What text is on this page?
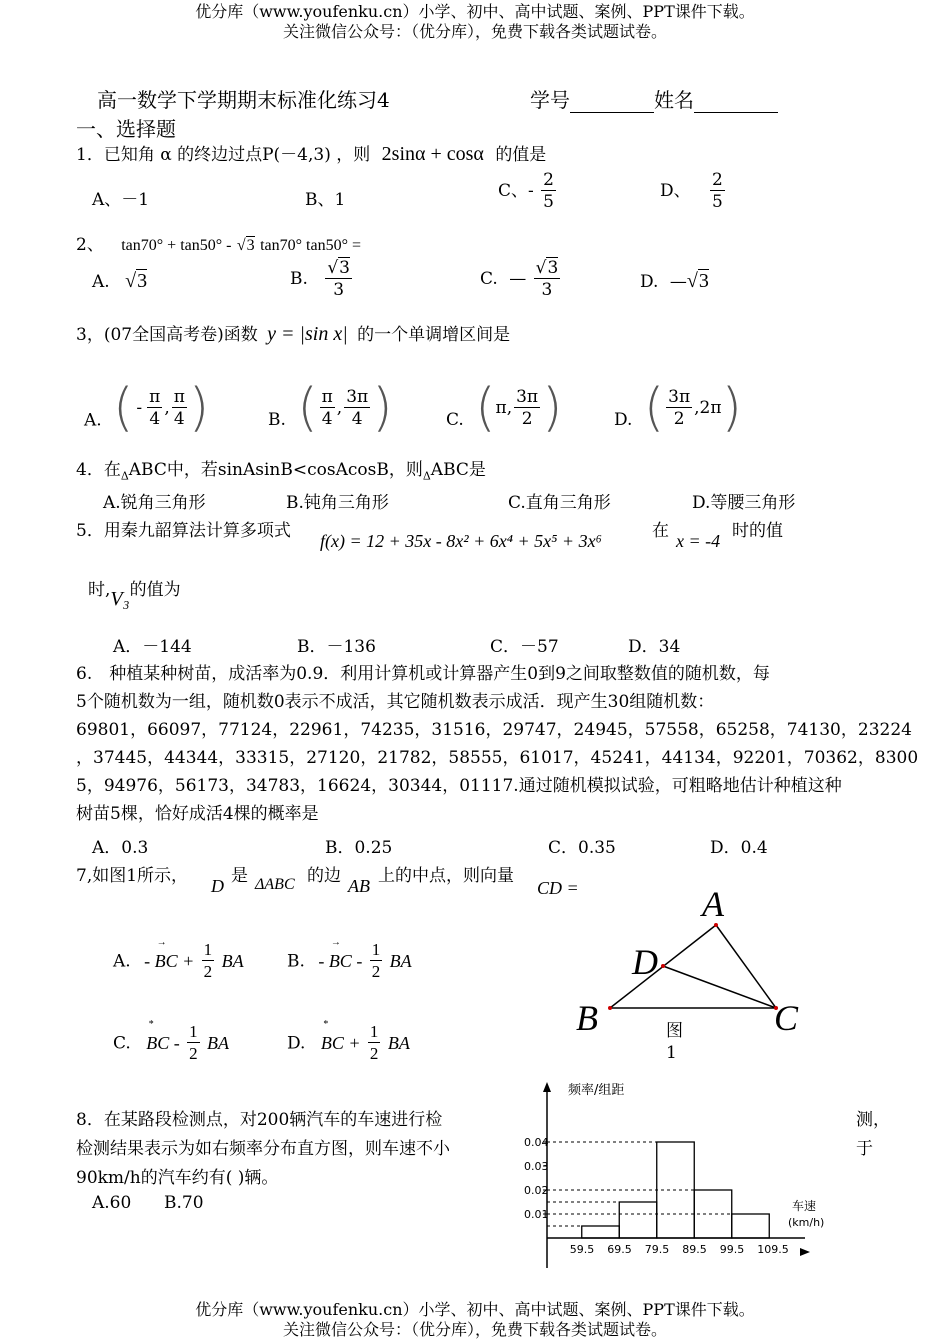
优分库（www.youfenku.cn）小学、初中、高中试题、案例、PPT课件下载。
关注微信公众号：（优分库），免费下载各类试题试卷。
高一数学下学期期末标准化练习4	学号	姓名
一、选择题
1．已知角 α 的终边过点P(－4,3) ，则 2sinα + cosα 的值是
A、－1	B、1	C、- $\frac{2}{5}$	D、 $\frac{2}{5}$
2、 tan70° + tan50° - √3 tan70° tan50° =
A. √3	B. $\frac{√3}{3}$	C. — $\frac{√3}{3}$	D. —√3
3，(07全国高考卷)函数 y = |sin x| 的一个单调增区间是
A. ( - $\frac{\pi}{4}$ , $\frac{\pi}{4}$ )	B. ( $\frac{\pi}{4}$ , $\frac{3\pi}{4}$ )	C. ( π , $\frac{3\pi}{2}$ )	D. ( $\frac{3\pi}{2}$ , 2 π )
4．在$_\Delta$ABC中，若sinAsinB<cosAcosB，则$_\Delta$ABC是
A.锐角三角形	B.钝角三角形	C.直角三角形	D.等腰三角形
5．用秦九韶算法计算多项式 f(x) = 12 + 35x - 8x² + 6x⁴ + 5x⁵ + 3x⁶	在 x = -4 时的值
时,V₃的值为
A．－144	B．－136	C．－57	D．34
6.　种植某种树苗，成活率为0.9．利用计算机或计算器产生0到9之间取整数值的随机数，每
5个随机数为一组，随机数0表示不成活，其它随机数表示成活．现产生30组随机数：
69801，66097，77124，22961，74235，31516，29747，24945，57558，65258，74130，23224
，37445，44344，33315，27120，21782，58555，61017，45241，44134，92201，70362，8300
5，94976，56173，34783，16624，30344，01117.通过随机模拟试验，可粗略地估计种植这种
树苗5棵，恰好成活4棵的概率是
A．0.3	B．0.25	C．0.35	D．0.4
7,如图1所示， D 是 ΔABC 的边 AB 上的中点，则向量
CD =
A. -
→
BC + $\frac{1}{2}$ BA	B. -
→
BC - $\frac{1}{2}$ BA
C.
*
BC - $\frac{1}{2}$ BA	D.
*
BC + $\frac{1}{2}$ BA
A
D
B	C
图
1
8．在某路段检测点，对200辆汽车的车速进行检	测，
检测结果表示为如右频率分布直方图，则车速不小	于
90km/h的汽车约有( )辆。
A.60 B.70
频率/组距
车速
(km/h)
0.01
0.02
0.03
0.04
59.5 69.5 79.5 89.5 99.5 109.5
优分库（www.youfenku.cn）小学、初中、高中试题、案例、PPT课件下载。
关注微信公众号：（优分库），免费下载各类试题试卷。
